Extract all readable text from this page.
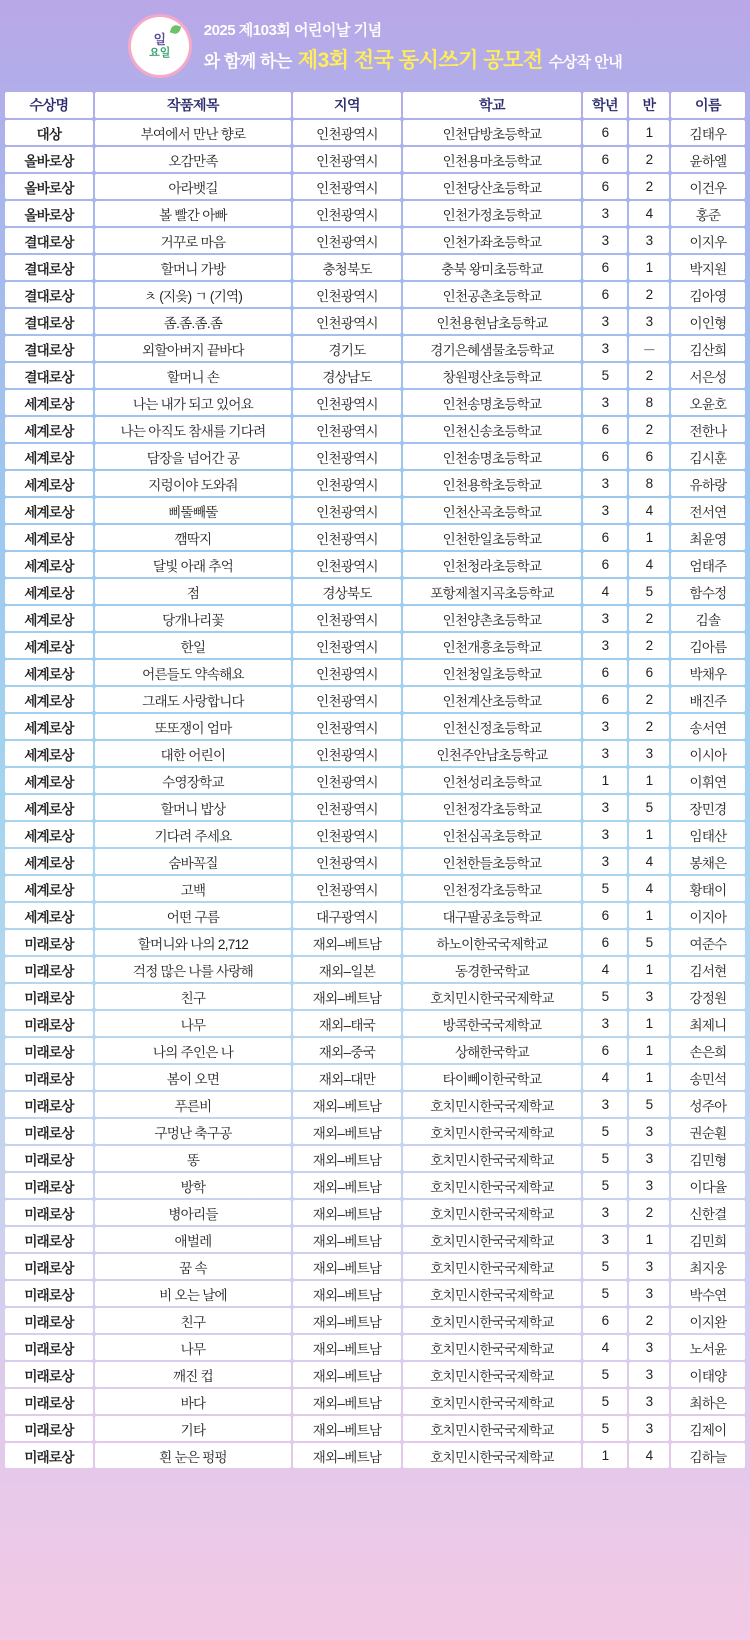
일
요일
2025 제103회 어린이날 기념
와 함께 하는 제3회 전국 동시쓰기 공모전 수상작 안내
수상명	작품제목	지역	학교	학년	반	이름
대상	부여에서 만난 향로	인천광역시	인천담방초등학교	6	1	김태우
올바로상	오감만족	인천광역시	인천용마초등학교	6	2	윤하엘
올바로상	아라뱃길	인천광역시	인천당산초등학교	6	2	이건우
올바로상	볼 빨간 아빠	인천광역시	인천가정초등학교	3	4	홍준
결대로상	거꾸로 마음	인천광역시	인천가좌초등학교	3	3	이지우
결대로상	할머니 가방	충청북도	충북 왕미초등학교	6	1	박지원
결대로상	ㅊ (지읒) ㄱ (기역)	인천광역시	인천공촌초등학교	6	2	김아영
결대로상	좀.좀.좀.좀	인천광역시	인천용현남초등학교	3	3	이인형
결대로상	외할아버지 끝바다	경기도	경기은혜샘물초등학교	3	－	김산희
결대로상	할머니 손	경상남도	창원평산초등학교	5	2	서은성
세계로상	나는 내가 되고 있어요	인천광역시	인천송명초등학교	3	8	오윤호
세계로상	나는 아직도 참새를 기다려	인천광역시	인천신송초등학교	6	2	전한나
세계로상	담장을 넘어간 공	인천광역시	인천송명초등학교	6	6	김시훈
세계로상	지렁이야 도와줘	인천광역시	인천용학초등학교	3	8	유하랑
세계로상	삐뚤빼뚤	인천광역시	인천산곡초등학교	3	4	전서연
세계로상	깸딱지	인천광역시	인천한일초등학교	6	1	최윤영
세계로상	달빛 아래 추억	인천광역시	인천청라초등학교	6	4	엄태주
세계로상	점	경상북도	포항제철지곡초등학교	4	5	함수정
세계로상	당개나리꽃	인천광역시	인천양촌초등학교	3	2	김솔
세계로상	한일	인천광역시	인천개흥초등학교	3	2	김아름
세계로상	어른들도 약속해요	인천광역시	인천청일초등학교	6	6	박채우
세계로상	그래도 사랑합니다	인천광역시	인천계산초등학교	6	2	배진주
세계로상	또또쟁이 엄마	인천광역시	인천신정초등학교	3	2	송서연
세계로상	대한 어린이	인천광역시	인천주안남초등학교	3	3	이시아
세계로상	수영장학교	인천광역시	인천성리초등학교	1	1	이휘연
세계로상	할머니 밥상	인천광역시	인천정각초등학교	3	5	장민경
세계로상	기다려 주세요	인천광역시	인천심곡초등학교	3	1	임태산
세계로상	숨바꼭질	인천광역시	인천한들초등학교	3	4	봉채은
세계로상	고백	인천광역시	인천정각초등학교	5	4	황태이
세계로상	어떤 구름	대구광역시	대구팔공초등학교	6	1	이지아
미래로상	할머니와 나의 2,712	재외–베트남	하노이한국국제학교	6	5	여준수
미래로상	걱정 많은 나를 사랑해	재외–일본	동경한국학교	4	1	김서현
미래로상	친구	재외–베트남	호치민시한국국제학교	5	3	강정원
미래로상	나무	재외–태국	방콕한국국제학교	3	1	최제니
미래로상	나의 주인은 나	재외–중국	상해한국학교	6	1	손은희
미래로상	봄이 오면	재외–대만	타이뻬이한국학교	4	1	송민석
미래로상	푸른비	재외–베트남	호치민시한국국제학교	3	5	성주아
미래로상	구멍난 축구공	재외–베트남	호치민시한국국제학교	5	3	권순훤
미래로상	똥	재외–베트남	호치민시한국국제학교	5	3	김민형
미래로상	방학	재외–베트남	호치민시한국국제학교	5	3	이다율
미래로상	병아리들	재외–베트남	호치민시한국국제학교	3	2	신한결
미래로상	애벌레	재외–베트남	호치민시한국국제학교	3	1	김민희
미래로상	꿈 속	재외–베트남	호치민시한국국제학교	5	3	최지웅
미래로상	비 오는 날에	재외–베트남	호치민시한국국제학교	5	3	박수연
미래로상	친구	재외–베트남	호치민시한국국제학교	6	2	이지완
미래로상	나무	재외–베트남	호치민시한국국제학교	4	3	노서윤
미래로상	깨진 컵	재외–베트남	호치민시한국국제학교	5	3	이태양
미래로상	바다	재외–베트남	호치민시한국국제학교	5	3	최하은
미래로상	기타	재외–베트남	호치민시한국국제학교	5	3	김제이
미래로상	흰 눈은 펑펑	재외–베트남	호치민시한국국제학교	1	4	김하늘
